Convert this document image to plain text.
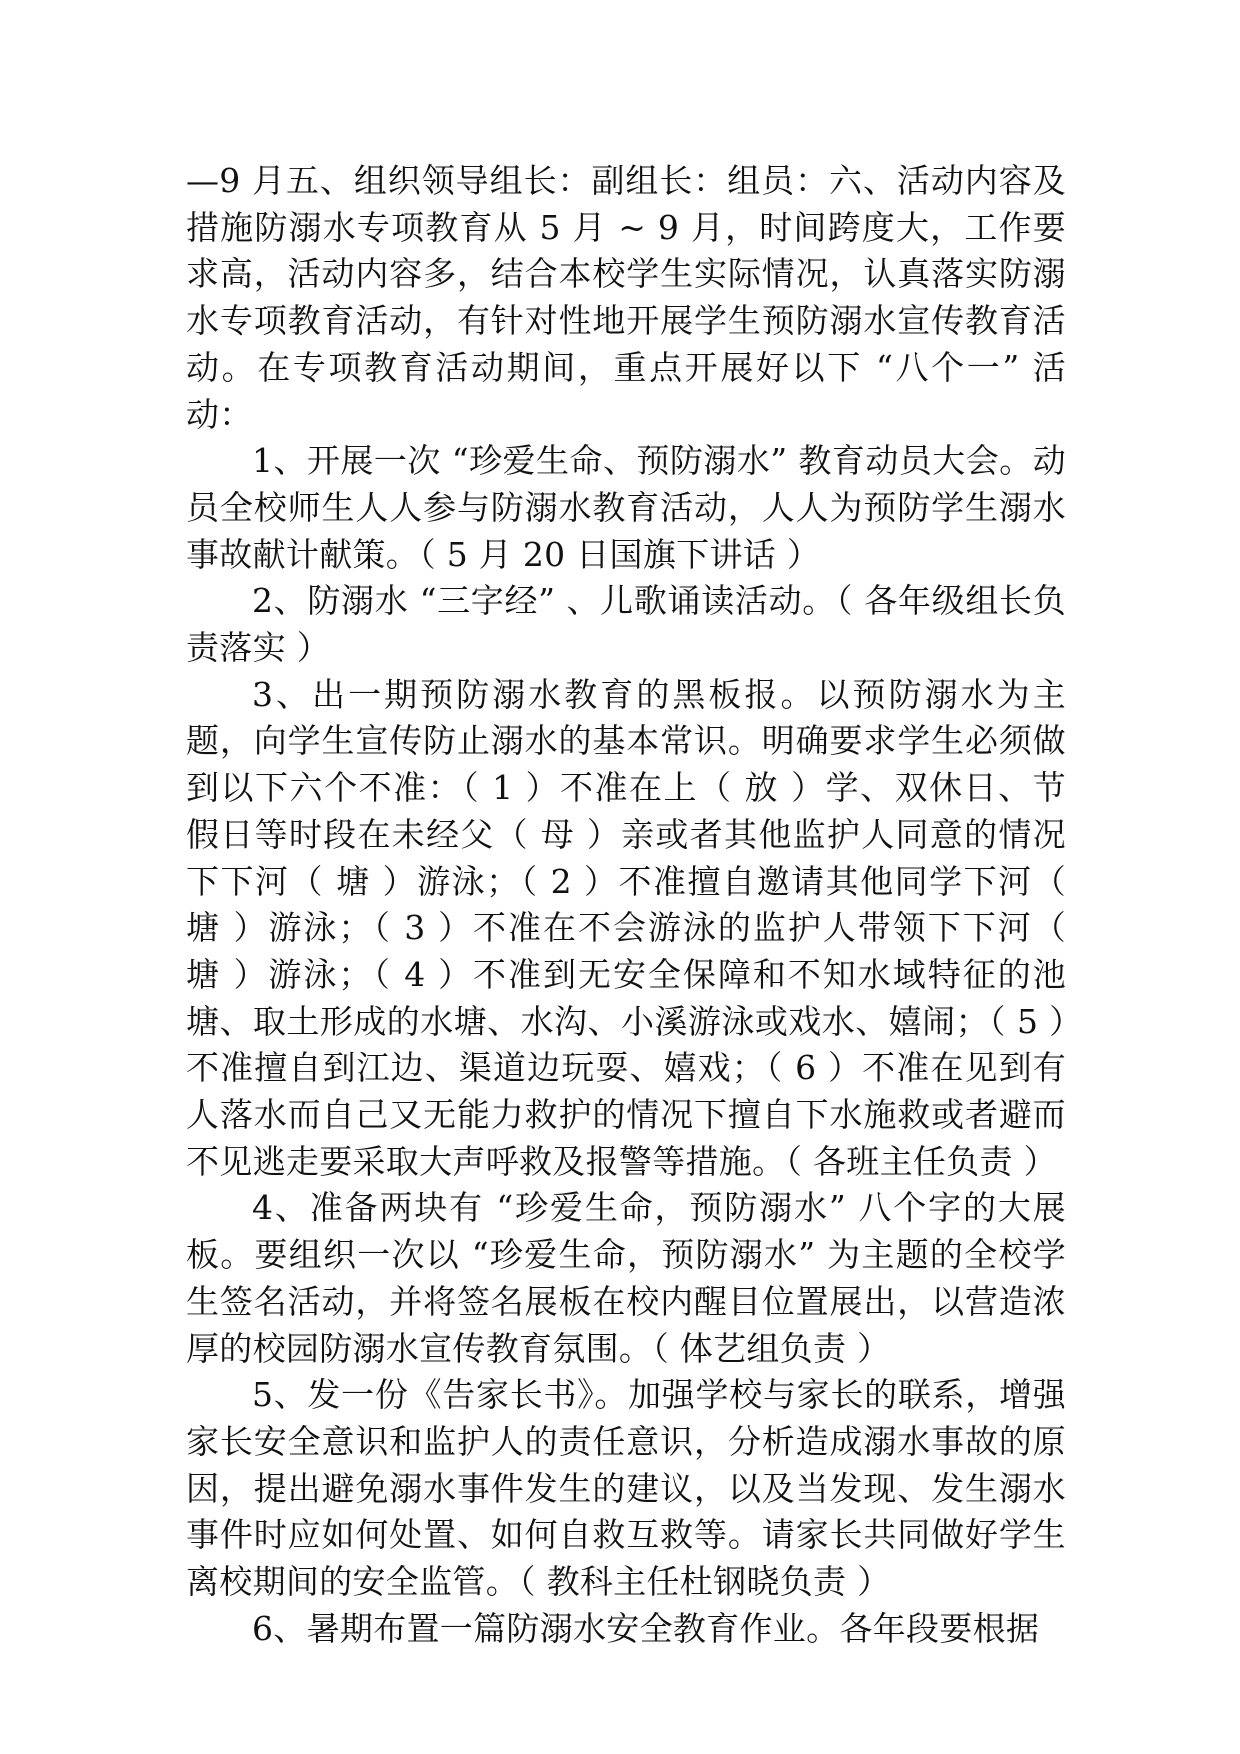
—9 月五、组织领导组长：副组长：组员：六、活动内容及措施防溺水专项教育从 5 月 ~ 9 月，时间跨度大，工作要求高，活动内容多，结合本校学生实际情况，认真落实防溺水专项教育活动，有针对性地开展学生预防溺水宣传教育活动。在专项教育活动期间，重点开展好以下 “八个一” 活动：

1、开展一次 “珍爱生命、预防溺水” 教育动员大会。动员全校师生人人参与防溺水教育活动，人人为预防学生溺水事故献计献策。（ 5 月 20 日国旗下讲话 ）

2、防溺水 “三字经” 、儿歌诵读活动。（ 各年级组长负责落实 ）

3、出一期预防溺水教育的黑板报。以预防溺水为主题，向学生宣传防止溺水的基本常识。明确要求学生必须做到以下六个不准：（ 1 ）不准在上（ 放 ）学、双休日、节假日等时段在未经父（ 母 ）亲或者其他监护人同意的情况下下河（ 塘 ）游泳；（ 2 ）不准擅自邀请其他同学下河（ 塘 ）游泳；（ 3 ）不准在不会游泳的监护人带领下下河（ 塘 ）游泳；（ 4 ）不准到无安全保障和不知水域特征的池塘、取土形成的水塘、水沟、小溪游泳或戏水、嬉闹；（ 5 ）不准擅自到江边、渠道边玩耍、嬉戏；（ 6 ）不准在见到有人落水而自己又无能力救护的情况下擅自下水施救或者避而不见逃走要采取大声呼救及报警等措施。（ 各班主任负责 ）

4、准备两块有 “珍爱生命，预防溺水” 八个字的大展板。要组织一次以 “珍爱生命，预防溺水” 为主题的全校学生签名活动，并将签名展板在校内醒目位置展出，以营造浓厚的校园防溺水宣传教育氛围。（ 体艺组负责 ）

5、发一份《告家长书》。加强学校与家长的联系，增强家长安全意识和监护人的责任意识，分析造成溺水事故的原因，提出避免溺水事件发生的建议，以及当发现、发生溺水事件时应如何处置、如何自救互救等。请家长共同做好学生离校期间的安全监管。（ 教科主任杜钢晓负责 ）

6、暑期布置一篇防溺水安全教育作业。各年段要根据
